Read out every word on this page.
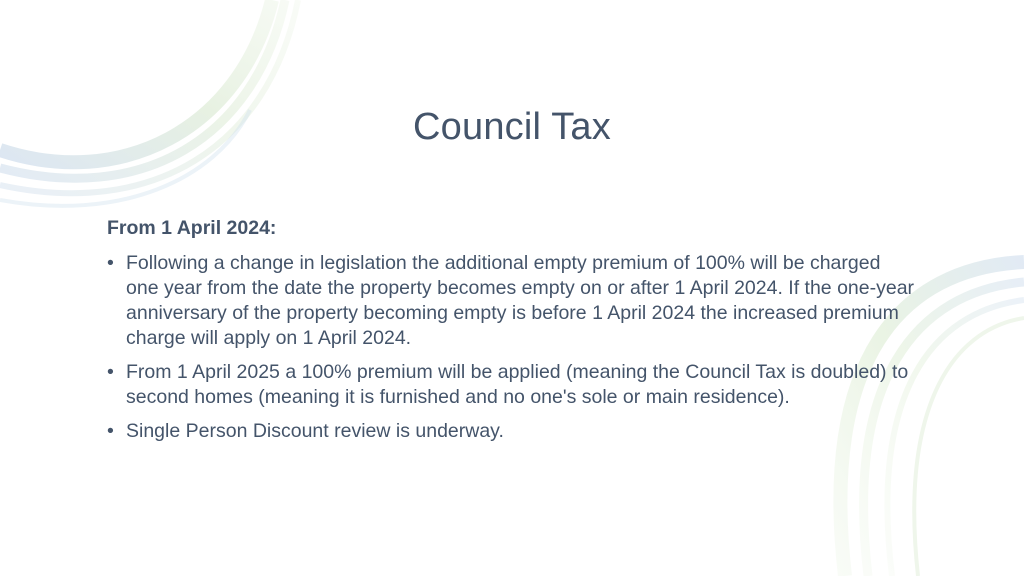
Council Tax
From 1 April 2024:
• Following a change in legislation the additional empty premium of 100% will be charged one year from the date the property becomes empty on or after 1 April 2024. If the one-year anniversary of the property becoming empty is before 1 April 2024 the increased premium charge will apply on 1 April 2024.
• From 1 April 2025 a 100% premium will be applied (meaning the Council Tax is doubled) to second homes (meaning it is furnished and no one's sole or main residence).
• Single Person Discount review is underway.
